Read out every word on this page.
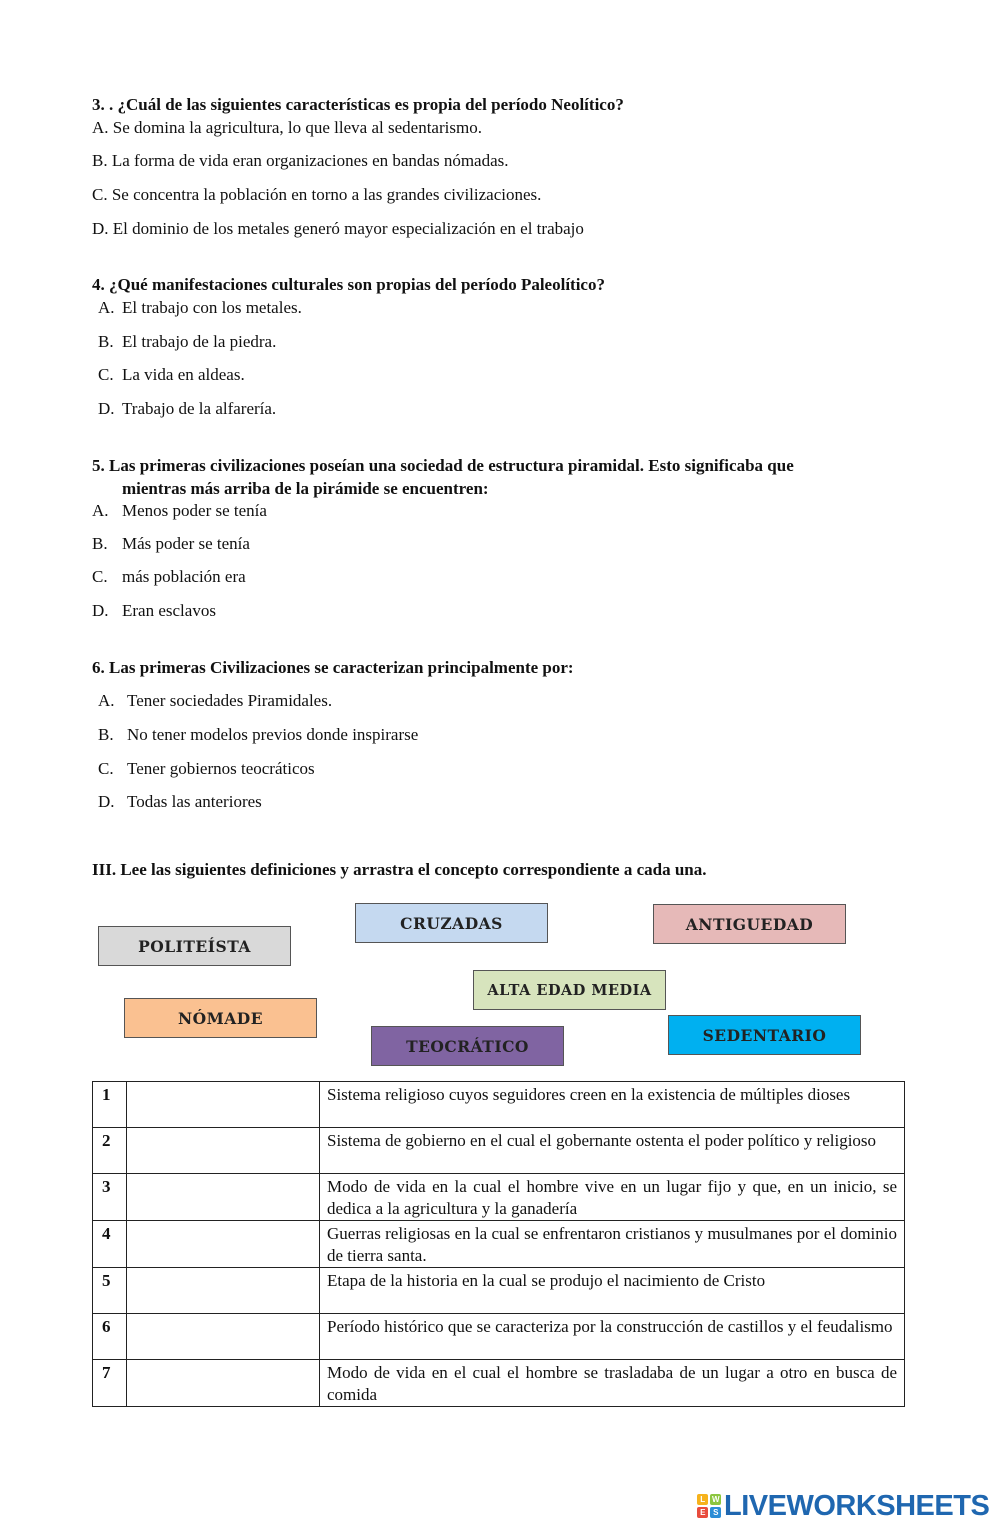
3. . ¿Cuál de las siguientes características es propia del período Neolítico?
A. Se domina la agricultura, lo que lleva al sedentarismo.
B. La forma de vida eran organizaciones en bandas nómadas.
C. Se concentra la población en torno a las grandes civilizaciones.
D. El dominio de los metales generó mayor especialización en el trabajo
4. ¿Qué manifestaciones culturales son propias del período Paleolítico?
A. El trabajo con los metales.
B. El trabajo de la piedra.
C. La vida en aldeas.
D. Trabajo de la alfarería.
5. Las primeras civilizaciones poseían una sociedad de estructura piramidal. Esto significaba que
mientras más arriba de la pirámide se encuentren:
A. Menos poder se tenía
B. Más poder se tenía
C. más población era
D. Eran esclavos
6. Las primeras Civilizaciones se caracterizan principalmente por:
A. Tener sociedades Piramidales.
B. No tener modelos previos donde inspirarse
C. Tener gobiernos teocráticos
D. Todas las anteriores
III. Lee las siguientes definiciones y arrastra el concepto correspondiente a cada una.
POLITEÍSTA
CRUZADAS	ANTIGUEDAD
ALTA EDAD MEDIA
NÓMADE
TEOCRÁTICO
SEDENTARIO
1		Sistema religioso cuyos seguidores creen en la existencia de múltiples dioses
2		Sistema de gobierno en el cual el gobernante ostenta el poder político y religioso
3		Modo de vida en la cual el hombre vive en un lugar fijo y que, en un inicio, se dedica a la agricultura y la ganadería
4		Guerras religiosas en la cual se enfrentaron cristianos y musulmanes por el dominio de tierra santa.
5		Etapa de la historia en la cual se produjo el nacimiento de Cristo
6		Período histórico que se caracteriza por la construcción de castillos y el feudalismo
7		Modo de vida en el cual el hombre se trasladaba de un lugar a otro en busca de comida
L W
E	S LIVEWORKSHEETS
